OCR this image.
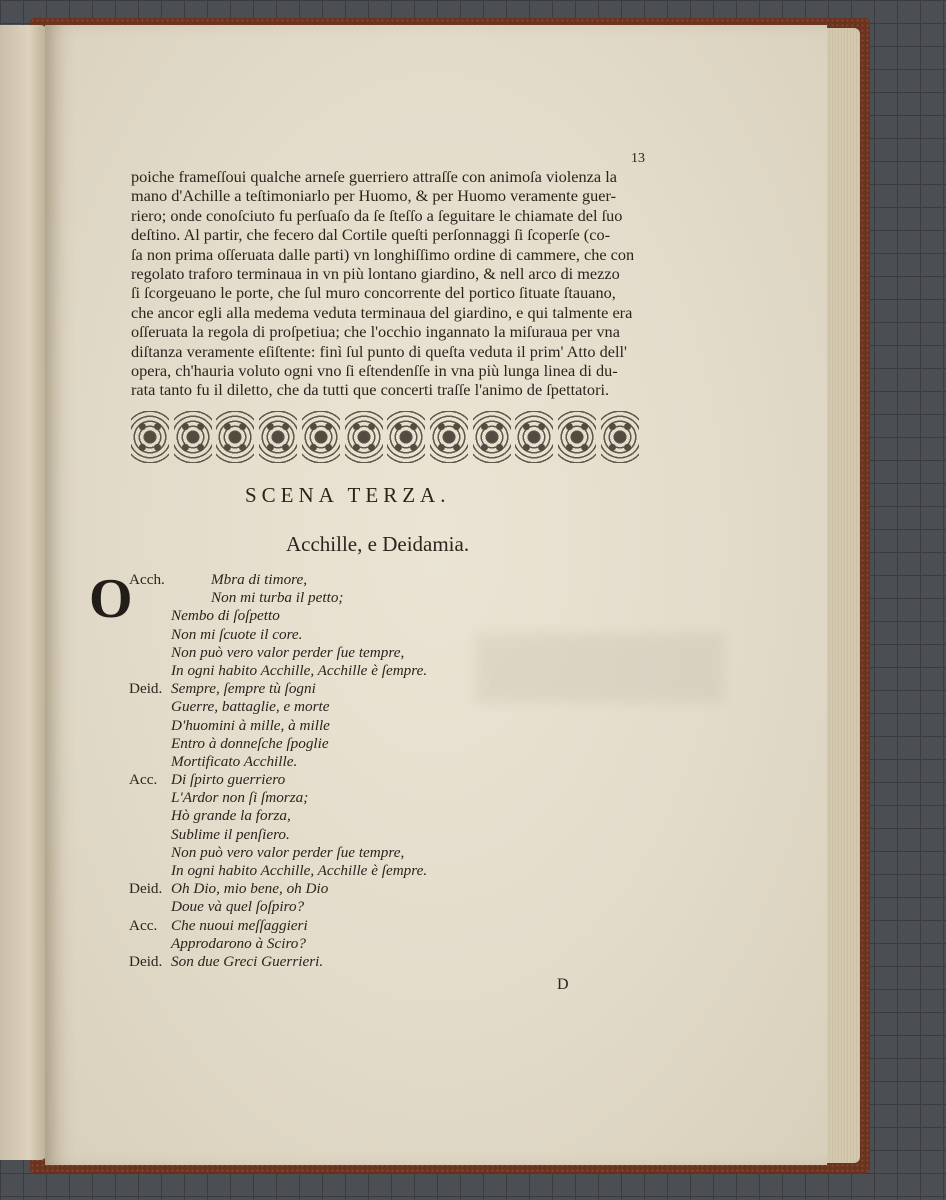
13
poiche frameſſoui qualche arneſe guerriero attraſſe con animoſa violenza la
mano d'Achille a teſtimoniarlo per Huomo, & per Huomo veramente guer-
riero; onde conoſciuto fu perſuaſo da ſe ſteſſo a ſeguitare le chiamate del ſuo
deſtino. Al partir, che fecero dal Cortile queſti perſonnaggi ſi ſcoperſe (co-
ſa non prima oſſeruata dalle parti) vn longhiſſimo ordine di cammere, che con
regolato traforo terminaua in vn più lontano giardino, & nell arco di mezzo
ſi ſcorgeuano le porte, che ſul muro concorrente del portico ſituate ſtauano,
che ancor egli alla medema veduta terminaua del giardino, e qui talmente era
oſſeruata la regola di proſpetiua; che l'occhio ingannato la miſuraua per vna
diſtanza veramente eſiſtente: finì ſul punto di queſta veduta il prim' Atto dell'
opera, ch'hauria voluto ogni vno ſi eſtendenſſe in vna più lunga linea di du-
rata tanto fu il diletto, che da tutti que concerti traſſe l'animo de ſpettatori.
SCENA TERZA.
Acchille, e Deidamia.
O
Acch.	Mbra di timore,
Non mi turba il petto;
Nembo di ſoſpetto
Non mi ſcuote il core.
Non può vero valor perder ſue tempre,
In ogni habito Acchille, Acchille è ſempre.
Deid. Sempre, ſempre tù ſogni
Guerre, battaglie, e morte
D'huomini à mille, à mille
Entro à donneſche ſpoglie
Mortificato Acchille.
Acc. Di ſpirto guerriero
L'Ardor non ſi ſmorza;
Hò grande la forza,
Sublime il penſiero.
Non può vero valor perder ſue tempre,
In ogni habito Acchille, Acchille è ſempre.
Deid. Oh Dio, mio bene, oh Dio
Doue và quel ſoſpiro?
Acc. Che nuoui meſſaggieri
Approdarono à Sciro?
Deid. Son due Greci Guerrieri.
D
